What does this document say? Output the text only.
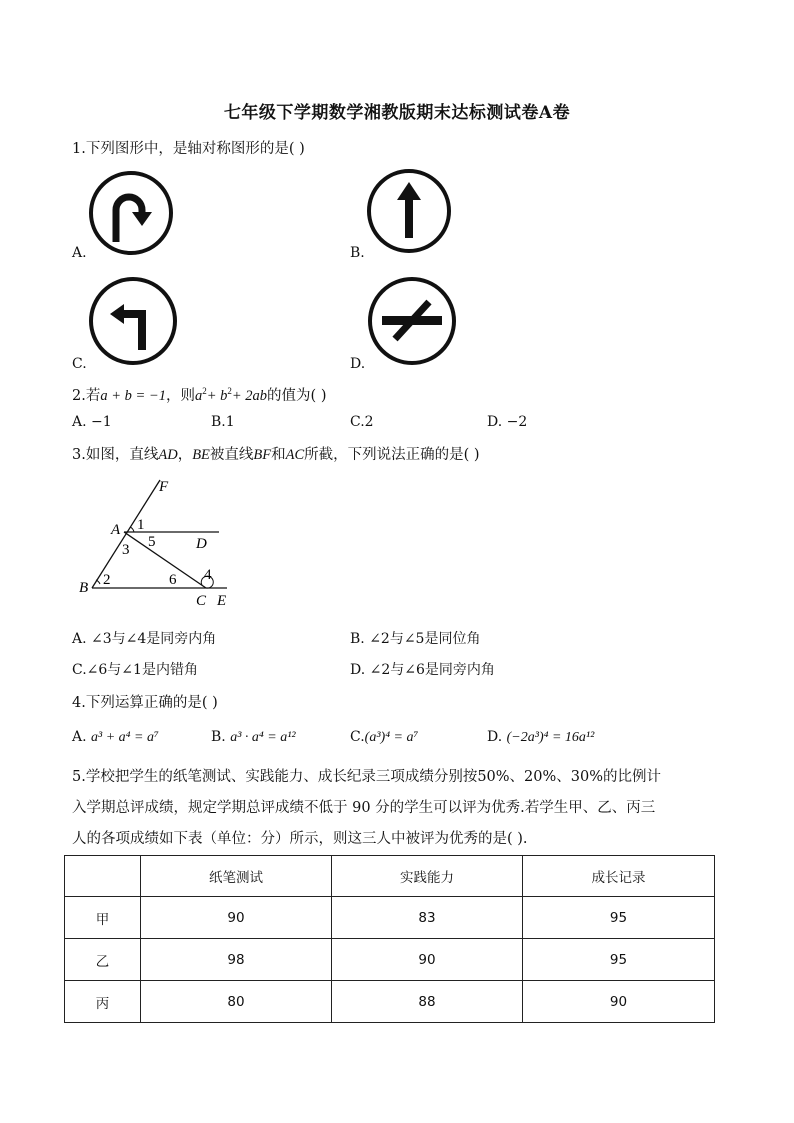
七年级下学期数学湘教版期末达标测试卷A卷
1.下列图形中，是轴对称图形的是( )
A.	B.
C.	D.
2.若a + b = −1，则$a^2+ b^2+ 2ab$的值为( )
A. −1	B.1	C.2	D. −2
3.如图，直线AD，BE被直线BF和AC所截，下列说法正确的是( )
F
A 1
5	D
3
B 2	6 4
C E
A. ∠3与∠4是同旁内角	B. ∠2与∠5是同位角
C.∠6与∠1是内错角	D. ∠2与∠6是同旁内角
4.下列运算正确的是( )
A. a³ + a⁴ = a⁷	B. a³ · a⁴ = a¹²	C.(a³)⁴ = a⁷	D. (−2a³)⁴ = 16a¹²
5.学校把学生的纸笔测试、实践能力、成长纪录三项成绩分别按50%、20%、30%的比例计
入学期总评成绩，规定学期总评成绩不低于 90 分的学生可以评为优秀.若学生甲、乙、丙三
人的各项成绩如下表（单位：分）所示，则这三人中被评为优秀的是( ).
	纸笔测试	实践能力	成长记录
甲	90	83	95
乙	98	90	95
丙	80	88	90
